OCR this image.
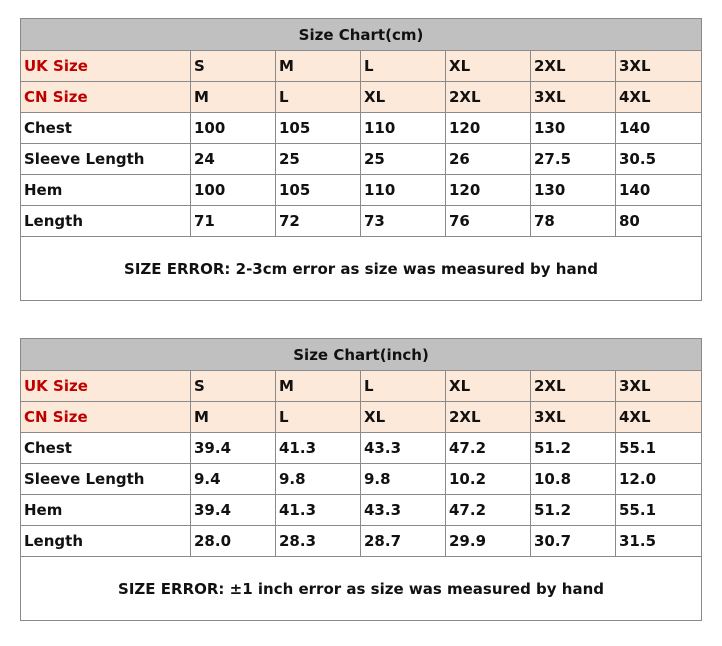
Size Chart(cm)						
UK Size	S	M	L	XL	2XL	3XL
CN Size	M	L	XL	2XL	3XL	4XL
Chest	100	105	110	120	130	140
Sleeve Length	24	25	25	26	27.5	30.5
Hem	100	105	110	120	130	140
Length	71	72	73	76	78	80
SIZE ERROR: 2-3cm error as size was measured by hand						
Size Chart(inch)						
UK Size	S	M	L	XL	2XL	3XL
CN Size	M	L	XL	2XL	3XL	4XL
Chest	39.4	41.3	43.3	47.2	51.2	55.1
Sleeve Length	9.4	9.8	9.8	10.2	10.8	12.0
Hem	39.4	41.3	43.3	47.2	51.2	55.1
Length	28.0	28.3	28.7	29.9	30.7	31.5
SIZE ERROR: ±1 inch error as size was measured by hand						
